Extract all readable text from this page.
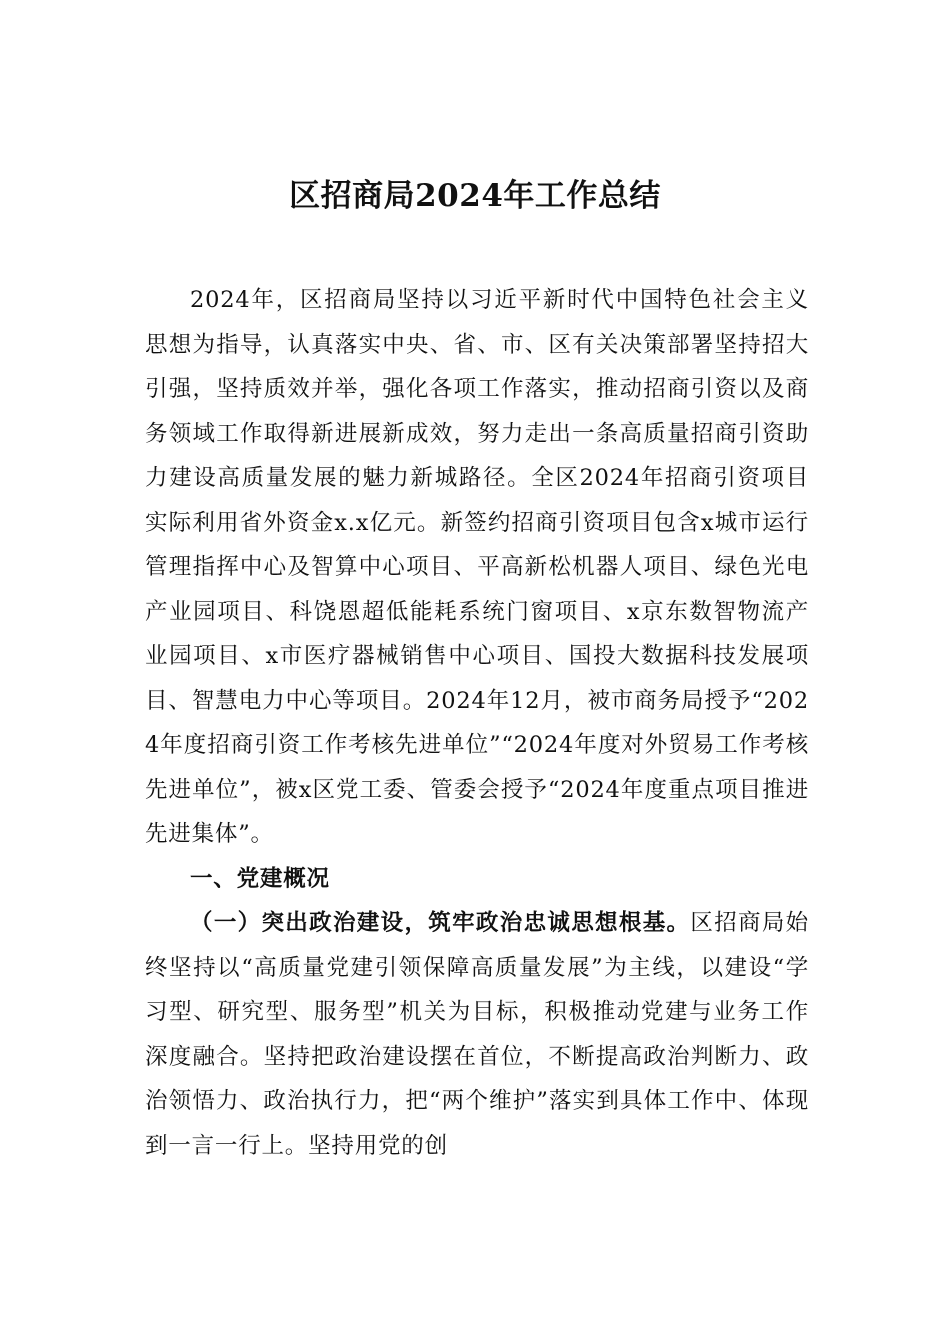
区招商局2024年工作总结

2024年，区招商局坚持以习近平新时代中国特色社会主义思想为指导，认真落实中央、省、市、区有关决策部署坚持招大引强，坚持质效并举，强化各项工作落实，推动招商引资以及商务领域工作取得新进展新成效，努力走出一条高质量招商引资助力建设高质量发展的魅力新城路径。全区2024年招商引资项目实际利用省外资金x.x亿元。新签约招商引资项目包含x城市运行管理指挥中心及智算中心项目、平高新松机器人项目、绿色光电产业园项目、科饶恩超低能耗系统门窗项目、x京东数智物流产业园项目、x市医疗器械销售中心项目、国投大数据科技发展项目、智慧电力中心等项目。2024年12月，被市商务局授予“2024年度招商引资工作考核先进单位”“2024年度对外贸易工作考核先进单位”，被x区党工委、管委会授予“2024年度重点项目推进先进集体”。

一、党建概况

（一）突出政治建设，筑牢政治忠诚思想根基。区招商局始终坚持以“高质量党建引领保障高质量发展”为主线，以建设“学习型、研究型、服务型”机关为目标，积极推动党建与业务工作深度融合。坚持把政治建设摆在首位，不断提高政治判断力、政治领悟力、政治执行力，把“两个维护”落实到具体工作中、体现到一言一行上。坚持用党的创
